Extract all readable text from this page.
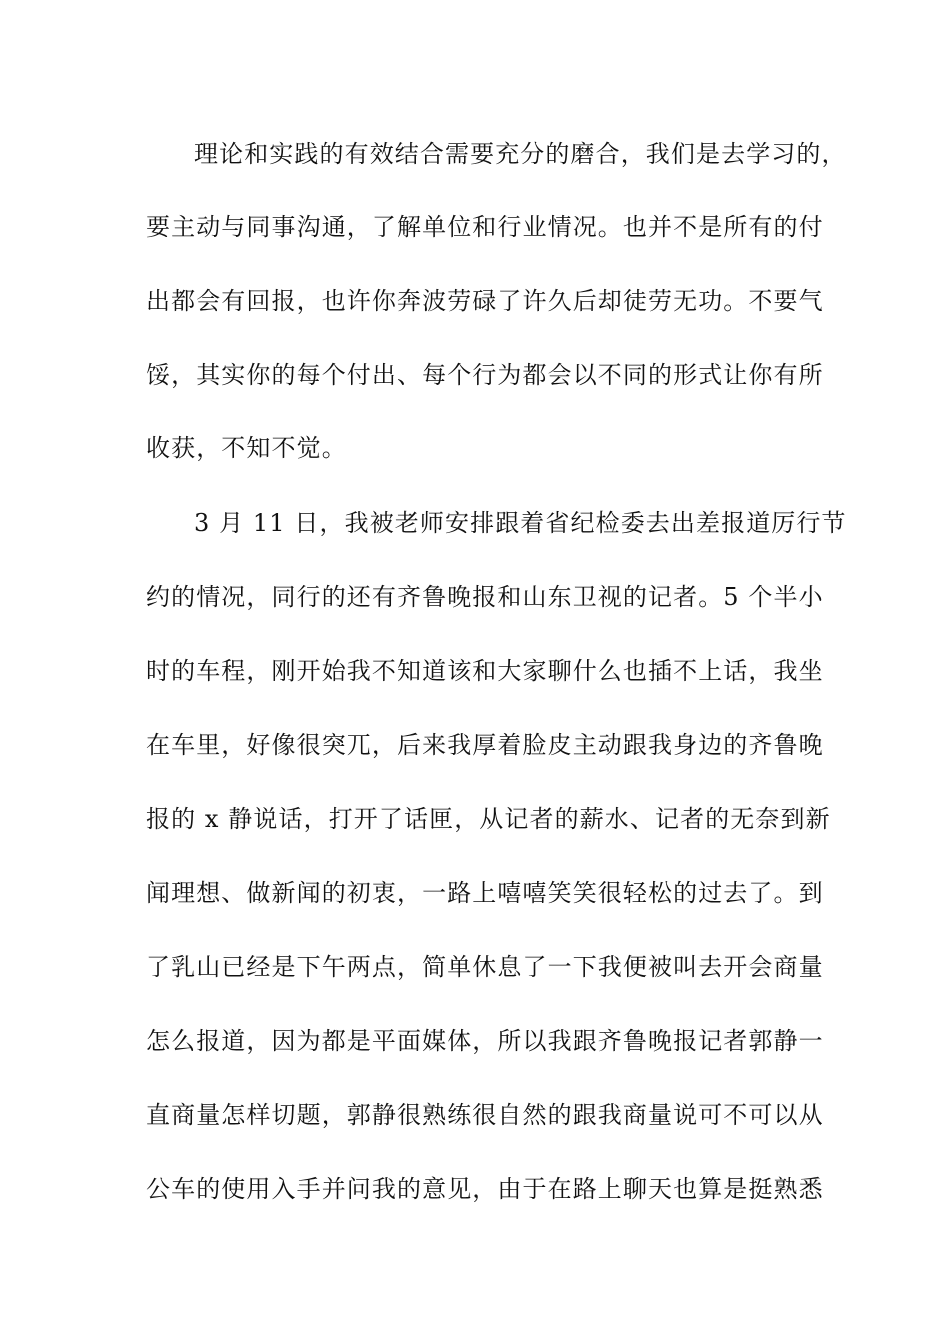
理论和实践的有效结合需要充分的磨合，我们是去学习的，

要主动与同事沟通，了解单位和行业情况。也并不是所有的付

出都会有回报，也许你奔波劳碌了许久后却徒劳无功。不要气

馁，其实你的每个付出、每个行为都会以不同的形式让你有所

收获，不知不觉。

3 月 11 日，我被老师安排跟着省纪检委去出差报道厉行节

约的情况，同行的还有齐鲁晚报和山东卫视的记者。5 个半小

时的车程，刚开始我不知道该和大家聊什么也插不上话，我坐

在车里，好像很突兀，后来我厚着脸皮主动跟我身边的齐鲁晚

报的 x 静说话，打开了话匣，从记者的薪水、记者的无奈到新

闻理想、做新闻的初衷，一路上嘻嘻笑笑很轻松的过去了。到

了乳山已经是下午两点，简单休息了一下我便被叫去开会商量

怎么报道，因为都是平面媒体，所以我跟齐鲁晚报记者郭静一

直商量怎样切题，郭静很熟练很自然的跟我商量说可不可以从

公车的使用入手并问我的意见，由于在路上聊天也算是挺熟悉
